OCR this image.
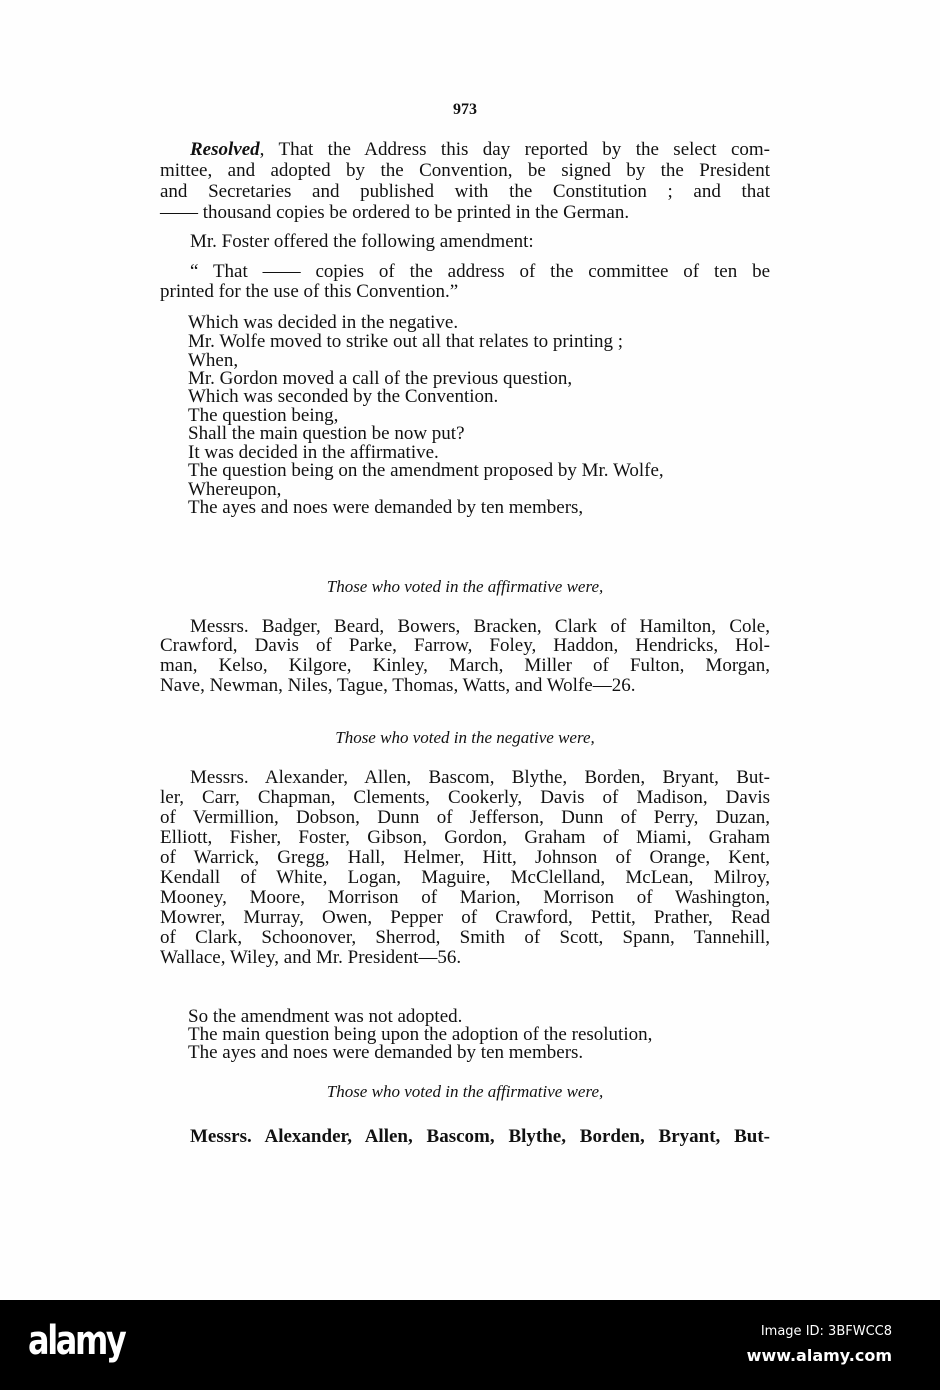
973
Resolved, That the Address this day reported by the select com-
mittee, and adopted by the Convention, be signed by the President
and Secretaries and published with the Constitution ; and that
—— thousand copies be ordered to be printed in the German.
Mr. Foster offered the following amendment:
“ That —— copies of the address of the committee of ten be
printed for the use of this Convention.”
Which was decided in the negative.
Mr. Wolfe moved to strike out all that relates to printing ;
When,
Mr. Gordon moved a call of the previous question,
Which was seconded by the Convention.
The question being,
Shall the main question be now put?
It was decided in the affirmative.
The question being on the amendment proposed by Mr. Wolfe,
Whereupon,
The ayes and noes were demanded by ten members,
Those who voted in the affirmative were,
Messrs. Badger, Beard, Bowers, Bracken, Clark of Hamilton, Cole,
Crawford, Davis of Parke, Farrow, Foley, Haddon, Hendricks, Hol-
man, Kelso, Kilgore, Kinley, March, Miller of Fulton, Morgan,
Nave, Newman, Niles, Tague, Thomas, Watts, and Wolfe—26.
Those who voted in the negative were,
Messrs. Alexander, Allen, Bascom, Blythe, Borden, Bryant, But-
ler, Carr, Chapman, Clements, Cookerly, Davis of Madison, Davis
of Vermillion, Dobson, Dunn of Jefferson, Dunn of Perry, Duzan,
Elliott, Fisher, Foster, Gibson, Gordon, Graham of Miami, Graham
of Warrick, Gregg, Hall, Helmer, Hitt, Johnson of Orange, Kent,
Kendall of White, Logan, Maguire, McClelland, McLean, Milroy,
Mooney, Moore, Morrison of Marion, Morrison of Washington,
Mowrer, Murray, Owen, Pepper of Crawford, Pettit, Prather, Read
of Clark, Schoonover, Sherrod, Smith of Scott, Spann, Tannehill,
Wallace, Wiley, and Mr. President—56.
So the amendment was not adopted.
The main question being upon the adoption of the resolution,
The ayes and noes were demanded by ten members.
Those who voted in the affirmative were,
Messrs. Alexander, Allen, Bascom, Blythe, Borden, Bryant, But-
alamy	Image ID: 3BFWCC8
www.alamy.com
